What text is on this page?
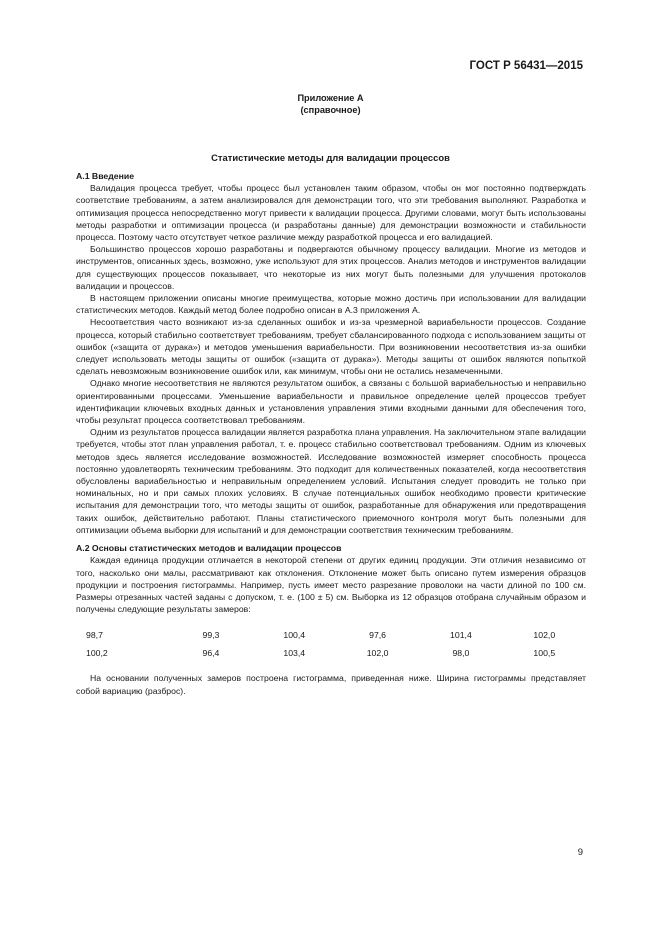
ГОСТ Р 56431—2015
Приложение А
(справочное)
Статистические методы для валидации процессов

А.1 Введение

Валидация процесса требует, чтобы процесс был установлен таким образом, чтобы он мог постоянно подтверждать соответствие требованиям, а затем анализировался для демонстрации того, что эти требования выполняют. Разработка и оптимизация процесса непосредственно могут привести к валидации процесса. Другими словами, могут быть использованы методы разработки и оптимизации процесса (и разработаны данные) для демонстрации возможности и стабильности процесса. Поэтому часто отсутствует четкое различие между разработкой процесса и его валидацией.

Большинство процессов хорошо разработаны и подвергаются обычному процессу валидации. Многие из методов и инструментов, описанных здесь, возможно, уже используют для этих процессов. Анализ методов и инструментов валидации для существующих процессов показывает, что некоторые из них могут быть полезными для улучшения протоколов валидации и процессов.

В настоящем приложении описаны многие преимущества, которые можно достичь при использовании для валидации статистических методов. Каждый метод более подробно описан в А.3 приложения А.

Несоответствия часто возникают из-за сделанных ошибок и из-за чрезмерной вариабельности процессов. Создание процесса, который стабильно соответствует требованиям, требует сбалансированного подхода с использованием защиты от ошибок («защита от дурака») и методов уменьшения вариабельности. При возникновении несоответствия из-за ошибки следует использовать методы защиты от ошибок («защита от дурака»). Методы защиты от ошибок являются попыткой сделать невозможным возникновение ошибок или, как минимум, чтобы они не остались незамеченными.

Однако многие несоответствия не являются результатом ошибок, а связаны с большой вариабельностью и неправильно ориентированными процессами. Уменьшение вариабельности и правильное определение целей процессов требует идентификации ключевых входных данных и установления управления этими входными данными для обеспечения того, чтобы результат процесса соответствовал требованиям.

Одним из результатов процесса валидации является разработка плана управления. На заключительном этапе валидации требуется, чтобы этот план управления работал, т. е. процесс стабильно соответствовал требованиям. Одним из ключевых методов здесь является исследование возможностей. Исследование возможностей измеряет способность процесса постоянно удовлетворять техническим требованиям. Это подходит для количественных показателей, когда несоответствия обусловлены вариабельностью и неправильным определением условий. Испытания следует проводить не только при номинальных, но и при самых плохих условиях. В случае потенциальных ошибок необходимо провести критические испытания для демонстрации того, что методы защиты от ошибок, разработанные для обнаружения или предотвращения таких ошибок, действительно работают. Планы статистического приемочного контроля могут быть полезными для оптимизации объема выборки для испытаний и для демонстрации соответствия техническим требованиям.

А.2 Основы статистических методов и валидации процессов

Каждая единица продукции отличается в некоторой степени от других единиц продукции. Эти отличия независимо от того, насколько они малы, рассматривают как отклонения. Отклонение может быть описано путем измерения образцов продукции и построения гистограммы. Например, пусть имеет место разрезание проволоки на части длиной по 100 см. Размеры отрезанных частей заданы с допуском, т. е. (100 ± 5) см. Выборка из 12 образцов отобрана случайным образом и получены следующие результаты замеров:

98,7	99,3	100,4	97,6	101,4	102,0
100,2	96,4	103,4	102,0	98,0	100,5

На основании полученных замеров построена гистограмма, приведенная ниже. Ширина гистограммы представляет собой вариацию (разброс).

9
